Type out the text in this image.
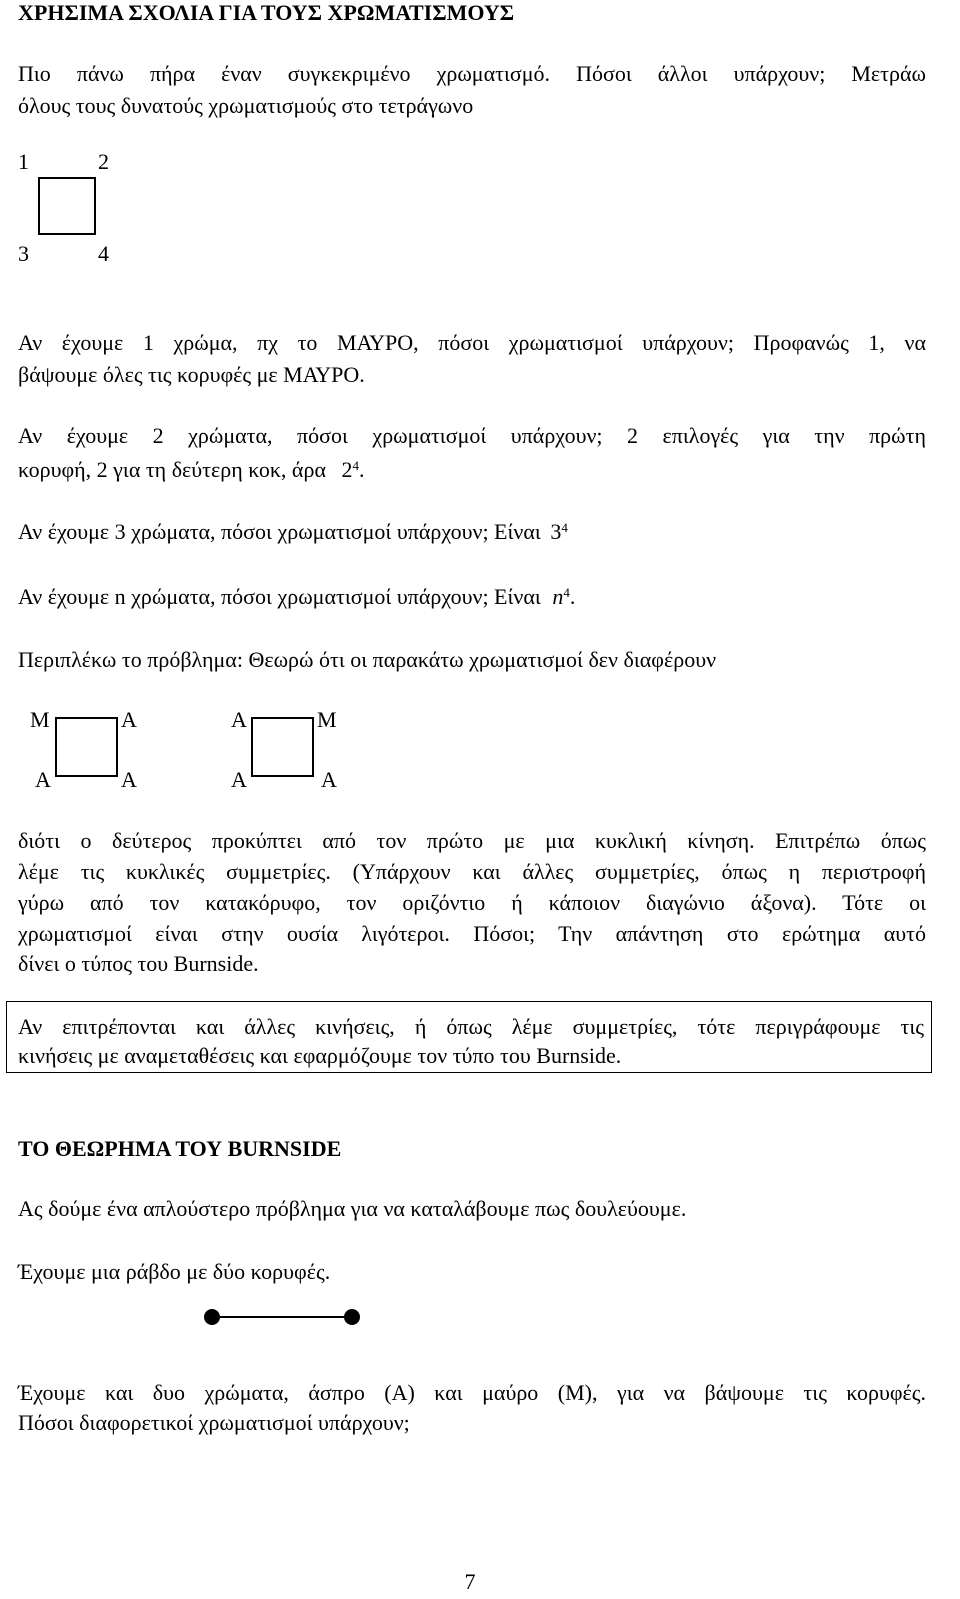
ΧΡΗΣΙΜΑ ΣΧΟΛΙΑ ΓΙΑ ΤΟΥΣ ΧΡΩΜΑΤΙΣΜΟΥΣ
Πιο πάνω πήρα έναν συγκεκριμένο χρωματισμό. Πόσοι άλλοι υπάρχουν; Μετράω
όλους τους δυνατούς χρωματισμούς στο τετράγωνο
1	2
3	4
Αν έχουμε 1 χρώμα, πχ το ΜΑΥΡΟ, πόσοι χρωματισμοί υπάρχουν; Προφανώς 1, να
βάψουμε όλες τις κορυφές με ΜΑΥΡΟ.
Αν έχουμε 2 χρώματα, πόσοι χρωματισμοί υπάρχουν; 2 επιλογές για την πρώτη
κορυφή, 2 για τη δεύτερη κοκ, άρα $2^4$.
Αν έχουμε 3 χρώματα, πόσοι χρωματισμοί υπάρχουν; Είναι $3^4$
Αν έχουμε n χρώματα, πόσοι χρωματισμοί υπάρχουν; Είναι $n^4$.
Περιπλέκω το πρόβλημα: Θεωρώ ότι οι παρακάτω χρωματισμοί δεν διαφέρουν
Μ	Α
Α	Α
Α	Μ
Α	Α
διότι ο δεύτερος προκύπτει από τον πρώτο με μια κυκλική κίνηση. Επιτρέπω όπως
λέμε τις κυκλικές συμμετρίες. (Υπάρχουν και άλλες συμμετρίες, όπως η περιστροφή
γύρω από τον κατακόρυφο, τον οριζόντιο ή κάποιον διαγώνιο άξονα). Τότε οι
χρωματισμοί είναι στην ουσία λιγότεροι. Πόσοι; Την απάντηση στο ερώτημα αυτό
δίνει ο τύπος του Burnside.
Αν επιτρέπονται και άλλες κινήσεις, ή όπως λέμε συμμετρίες, τότε περιγράφουμε τις
κινήσεις με αναμεταθέσεις και εφαρμόζουμε τον τύπο του Burnside.
ΤΟ ΘΕΩΡΗΜΑ ΤΟΥ BURNSIDE
Ας δούμε ένα απλούστερο πρόβλημα για να καταλάβουμε πως δουλεύουμε.
Έχουμε μια ράβδο με δύο κορυφές.
Έχουμε και δυο χρώματα, άσπρο (Α) και μαύρο (Μ), για να βάψουμε τις κορυφές.
Πόσοι διαφορετικοί χρωματισμοί υπάρχουν;
7
